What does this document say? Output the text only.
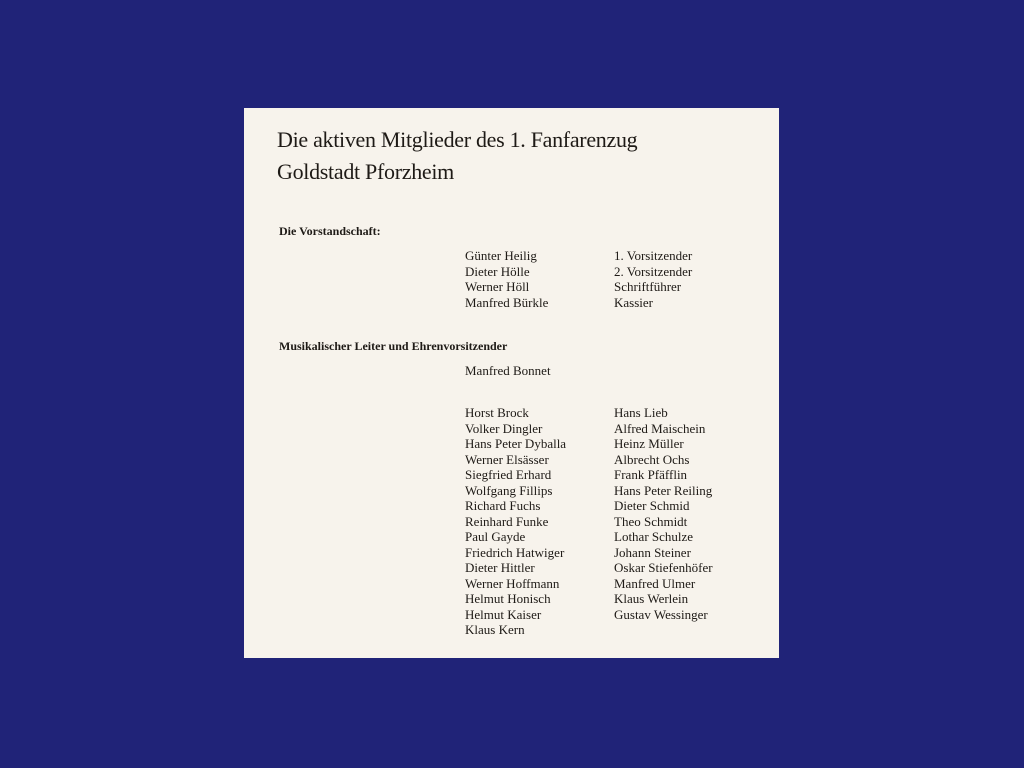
Die aktiven Mitglieder des 1. Fanfarenzug
Goldstadt Pforzheim
Die Vorstandschaft:
Günter Heilig
Dieter Hölle
Werner Höll
Manfred Bürkle
1. Vorsitzender
2. Vorsitzender
Schriftführer
Kassier
Musikalischer Leiter und Ehrenvorsitzender
Manfred Bonnet
Horst Brock
Volker Dingler
Hans Peter Dyballa
Werner Elsässer
Siegfried Erhard
Wolfgang Fillips
Richard Fuchs
Reinhard Funke
Paul Gayde
Friedrich Hatwiger
Dieter Hittler
Werner Hoffmann
Helmut Honisch
Helmut Kaiser
Klaus Kern
Hans Lieb
Alfred Maischein
Heinz Müller
Albrecht Ochs
Frank Pfäfflin
Hans Peter Reiling
Dieter Schmid
Theo Schmidt
Lothar Schulze
Johann Steiner
Oskar Stiefenhöfer
Manfred Ulmer
Klaus Werlein
Gustav Wessinger
